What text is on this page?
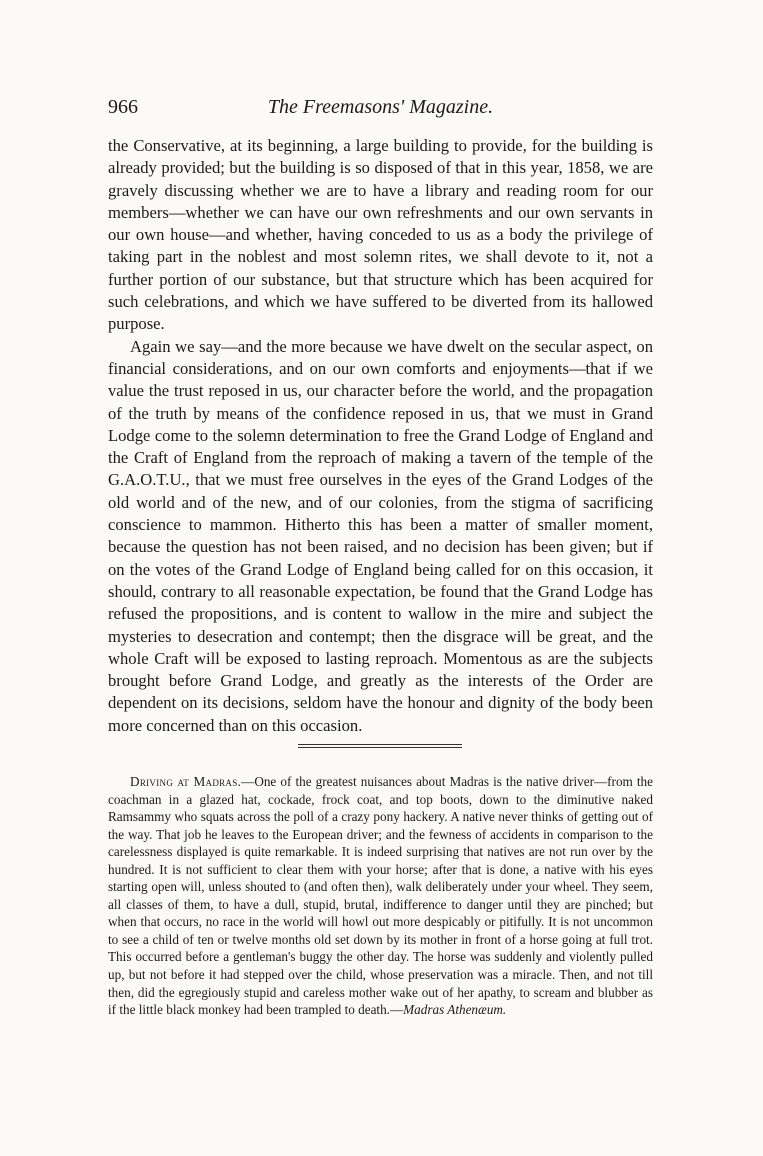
966	The Freemasons' Magazine.

the Conservative, at its beginning, a large building to provide, for the building is already provided; but the building is so disposed of that in this year, 1858, we are gravely discussing whether we are to have a library and reading room for our members—whether we can have our own refreshments and our own servants in our own house—and whether, having conceded to us as a body the privilege of taking part in the noblest and most solemn rites, we shall devote to it, not a further portion of our substance, but that structure which has been acquired for such celebrations, and which we have suffered to be diverted from its hallowed purpose.

Again we say—and the more because we have dwelt on the secular aspect, on financial considerations, and on our own comforts and enjoyments—that if we value the trust reposed in us, our character before the world, and the propagation of the truth by means of the confidence reposed in us, that we must in Grand Lodge come to the solemn determination to free the Grand Lodge of England and the Craft of England from the reproach of making a tavern of the temple of the G.A.O.T.U., that we must free ourselves in the eyes of the Grand Lodges of the old world and of the new, and of our colonies, from the stigma of sacrificing conscience to mammon. Hitherto this has been a matter of smaller moment, because the question has not been raised, and no decision has been given; but if on the votes of the Grand Lodge of England being called for on this occasion, it should, contrary to all reasonable expectation, be found that the Grand Lodge has refused the propositions, and is content to wallow in the mire and subject the mysteries to desecration and contempt; then the disgrace will be great, and the whole Craft will be exposed to lasting reproach. Momentous as are the subjects brought before Grand Lodge, and greatly as the interests of the Order are dependent on its decisions, seldom have the honour and dignity of the body been more concerned than on this occasion.

Driving at Madras.—One of the greatest nuisances about Madras is the native driver—from the coachman in a glazed hat, cockade, frock coat, and top boots, down to the diminutive naked Ramsammy who squats across the poll of a crazy pony hackery. A native never thinks of getting out of the way. That job he leaves to the European driver; and the fewness of accidents in comparison to the carelessness displayed is quite remarkable. It is indeed surprising that natives are not run over by the hundred. It is not sufficient to clear them with your horse; after that is done, a native with his eyes starting open will, unless shouted to (and often then), walk deliberately under your wheel. They seem, all classes of them, to have a dull, stupid, brutal, indifference to danger until they are pinched; but when that occurs, no race in the world will howl out more despicably or pitifully. It is not uncommon to see a child of ten or twelve months old set down by its mother in front of a horse going at full trot. This occurred before a gentleman's buggy the other day. The horse was suddenly and violently pulled up, but not before it had stepped over the child, whose preservation was a miracle. Then, and not till then, did the egregiously stupid and careless mother wake out of her apathy, to scream and blubber as if the little black monkey had been trampled to death.—Madras Athenæum.
